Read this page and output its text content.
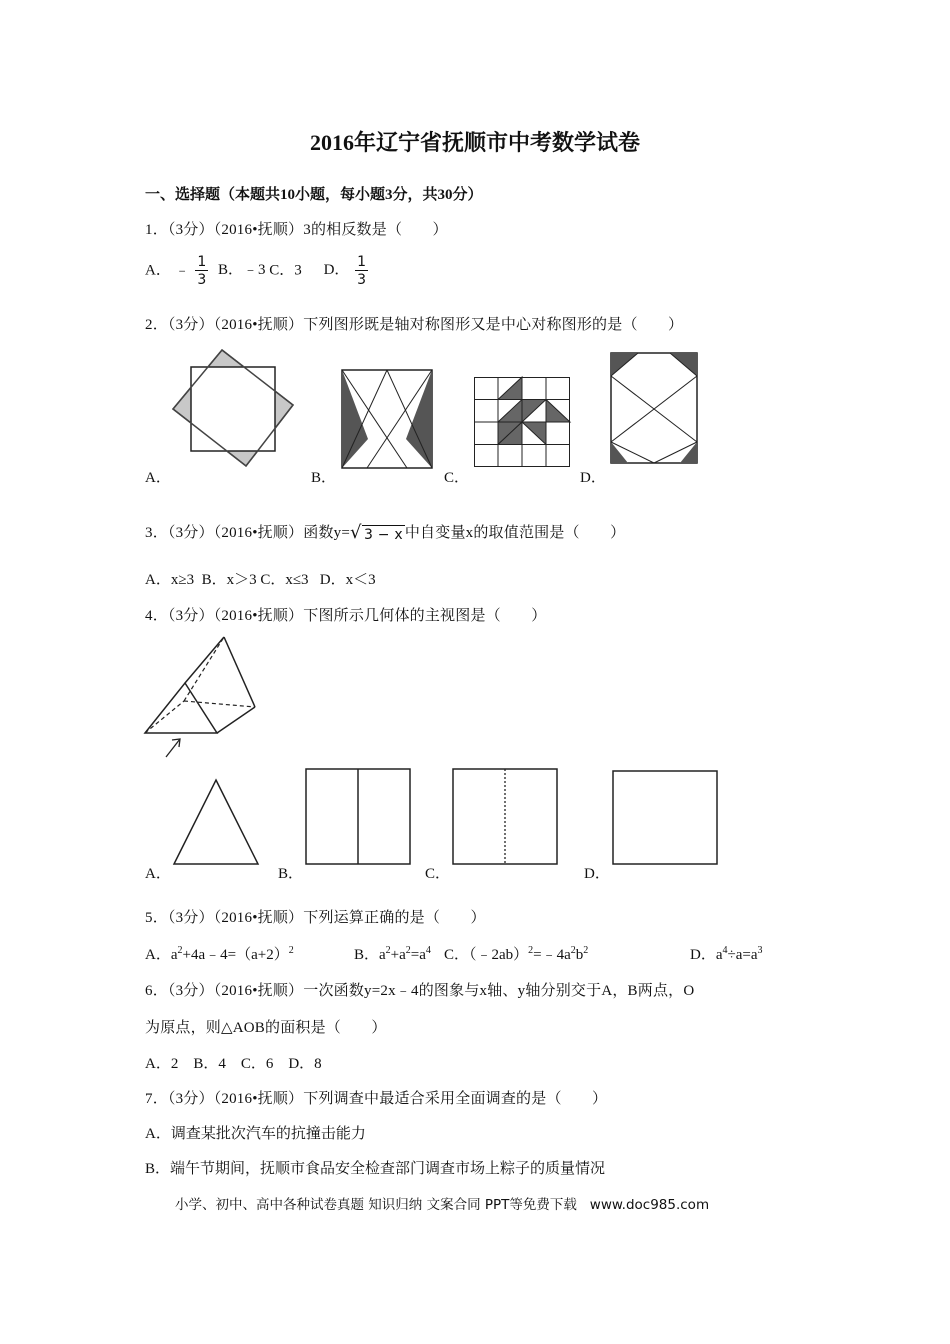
2016年辽宁省抚顺市中考数学试卷
一、选择题（本题共10小题，每小题3分，共30分）
1．（3分）（2016•抚顺）3的相反数是（　　）
A． ﹣ $\frac{1}{3}$ B．﹣3 C．3 D． $\frac{1}{3}$
2．（3分）（2016•抚顺）下列图形既是轴对称图形又是中心对称图形的是（　　）
A．	B．	C．	D．
3．（3分）（2016•抚顺）函数y= √ 3 − x 中自变量x的取值范围是（　　）
A．x≥3  B．x＞3 C．x≤3   D．x＜3
4．（3分）（2016•抚顺）下图所示几何体的主视图是（　　）
A．	B．	C．	D．
5．（3分）（2016•抚顺）下列运算正确的是（　　）
A．$a^2+4a﹣4=(a+2)^2$	B．$a^2+a^2=a^4$ C．$(﹣2ab)^2=﹣4a^2b^2$	D．$a^4\div a=a^3$
6．（3分）（2016•抚顺）一次函数y=2x﹣4的图象与x轴、y轴分别交于A，B两点，O
为原点，则△AOB的面积是（　　）
A．2    B．4    C．6    D．8
7．（3分）（2016•抚顺）下列调查中最适合采用全面调查的是（　　）
A．调查某批次汽车的抗撞击能力
B．端午节期间，抚顺市食品安全检查部门调查市场上粽子的质量情况
小学、初中、高中各种试卷真题 知识归纳 文案合同 PPT等免费下载   www.doc985.com
